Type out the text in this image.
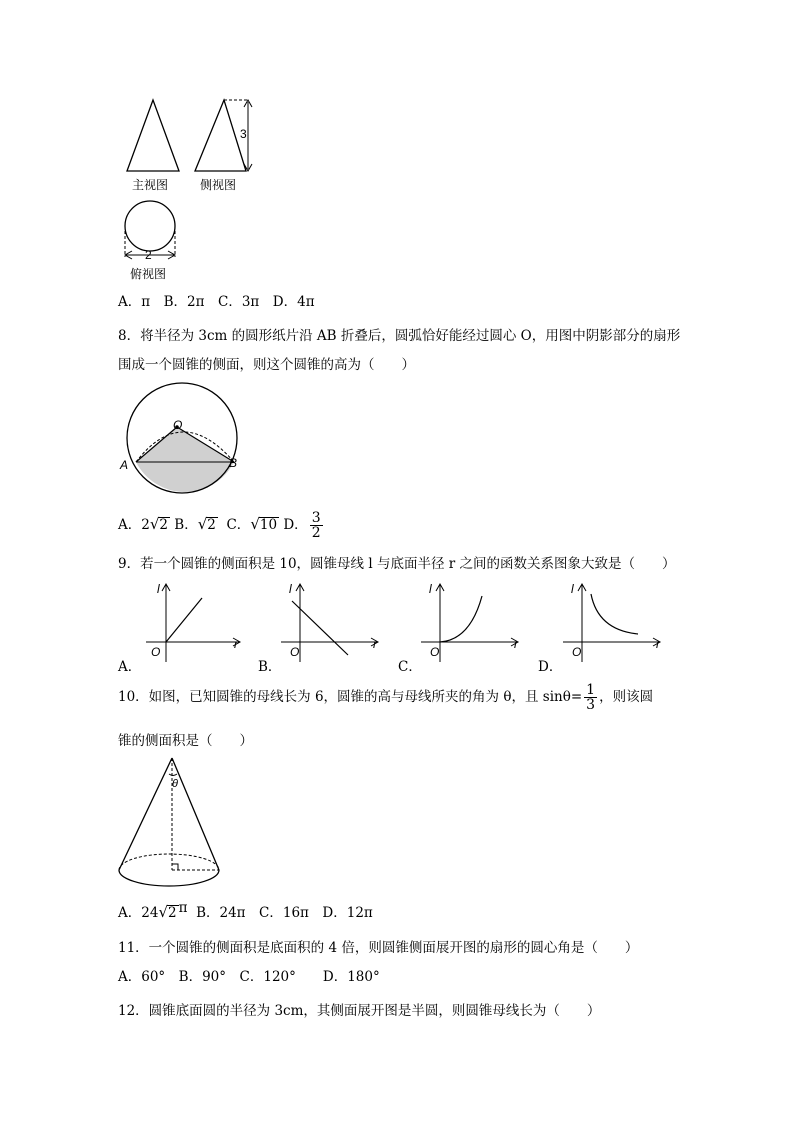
主视图	侧视图
3
2
俯视图
A．π　B．2π　C．3π　D．4π
8．将半径为 3cm 的圆形纸片沿 AB 折叠后，圆弧恰好能经过圆心 O，用图中阴影部分的扇形
围成一个圆锥的侧面，则这个圆锥的高为（　　）
O
A	B
A．2√2 B．√2 C．√10 D． $\frac{3}{2}$
9．若一个圆锥的侧面积是 10，圆锥母线 l 与底面半径 r 之间的函数关系图象大致是（　　）
l
r
O
A．
l
r
O
B．
l
r
O
C．
l
r
O
D．
10．如图，已知圆锥的母线长为 6，圆锥的高与母线所夹的角为 θ，且 $\sin\theta= \frac{1}{3}$ ，则该圆
锥的侧面积是（　　）
θ
A．24√2 π B．24π　C．16π　D．12π
11．一个圆锥的侧面积是底面积的 4 倍，则圆锥侧面展开图的扇形的圆心角是（　　）
A．60°　B．90°　C．120°　　D．180°
12．圆锥底面圆的半径为 3cm，其侧面展开图是半圆，则圆锥母线长为（　　）
